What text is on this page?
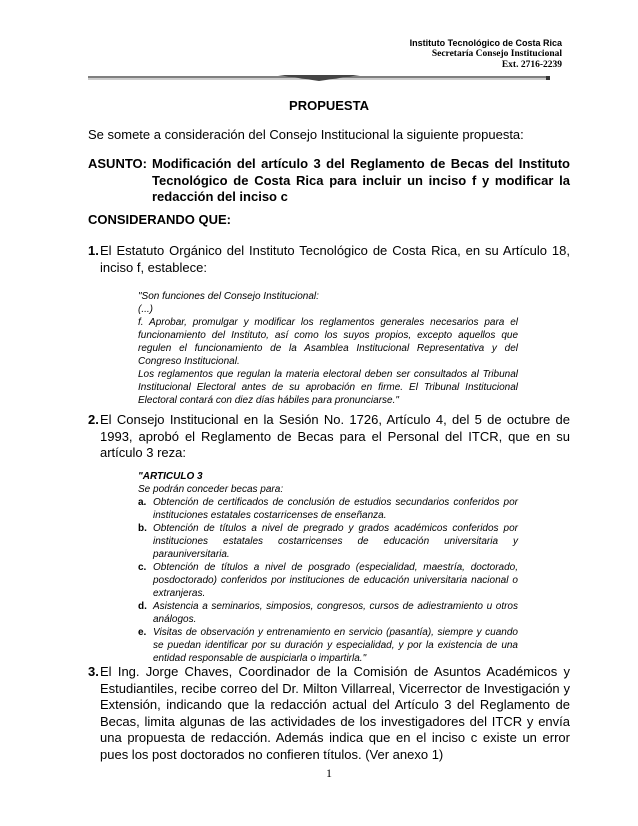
Instituto Tecnológico de Costa Rica
Secretaría Consejo Institucional
Ext. 2716-2239
PROPUESTA
Se somete a consideración del Consejo Institucional la siguiente propuesta:
ASUNTO: Modificación del artículo 3 del Reglamento de Becas del Instituto Tecnológico de Costa Rica para incluir un inciso f y modificar la redacción del inciso c
CONSIDERANDO QUE:
1. El Estatuto Orgánico del Instituto Tecnológico de Costa Rica, en su Artículo 18, inciso f, establece:

"Son funciones del Consejo Institucional:

(...)

f. Aprobar, promulgar y modificar los reglamentos generales necesarios para el funcionamiento del Instituto, así como los suyos propios, excepto aquellos que regulen el funcionamiento de la Asamblea Institucional Representativa y del Congreso Institucional.

Los reglamentos que regulan la materia electoral deben ser consultados al Tribunal Institucional Electoral antes de su aprobación en firme. El Tribunal Institucional Electoral contará con diez días hábiles para pronunciarse."

2. El Consejo Institucional en la Sesión No. 1726, Artículo 4, del 5 de octubre de 1993, aprobó el Reglamento de Becas para el Personal del ITCR, que en su artículo 3 reza:

"ARTICULO 3

Se podrán conceder becas para:

a. Obtención de certificados de conclusión de estudios secundarios conferidos por instituciones estatales costarricenses de enseñanza.
b. Obtención de títulos a nivel de pregrado y grados académicos conferidos por instituciones estatales costarricenses de educación universitaria y parauniversitaria.
c. Obtención de títulos a nivel de posgrado (especialidad, maestría, doctorado, posdoctorado) conferidos por instituciones de educación universitaria nacional o extranjeras.
d. Asistencia a seminarios, simposios, congresos, cursos de adiestramiento u otros análogos.
e. Visitas de observación y entrenamiento en servicio (pasantía), siempre y cuando se puedan identificar por su duración y especialidad, y por la existencia de una entidad responsable de auspiciarla o impartirla."
3. El Ing. Jorge Chaves, Coordinador de la Comisión de Asuntos Académicos y Estudiantiles, recibe correo del Dr. Milton Villarreal, Vicerrector de Investigación y Extensión, indicando que la redacción actual del Artículo 3 del Reglamento de Becas, limita algunas de las actividades de los investigadores del ITCR y envía una propuesta de redacción. Además indica que en el inciso c existe un error pues los post doctorados no confieren títulos. (Ver anexo 1)
1
